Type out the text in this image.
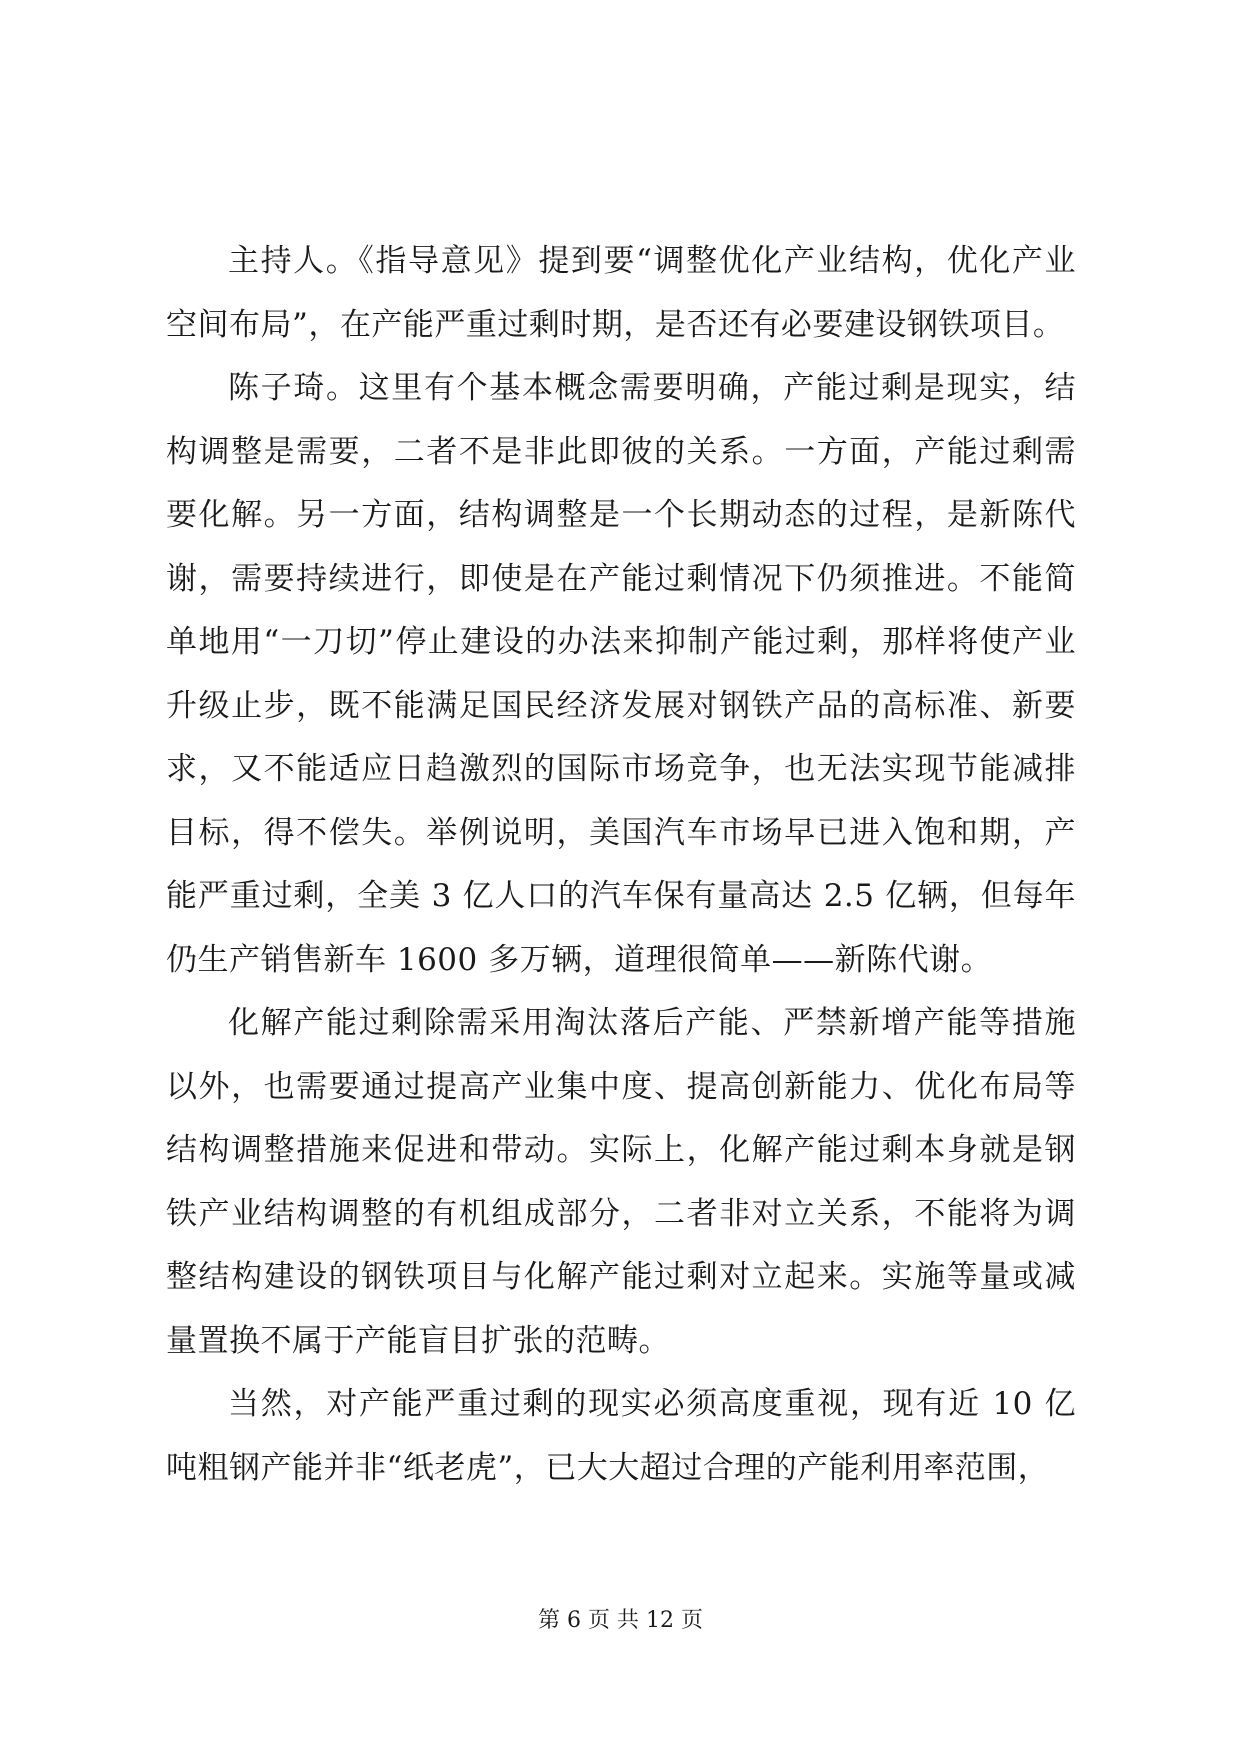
主持人。《指导意见》提到要“调整优化产业结构，优化产业空间布局”，在产能严重过剩时期，是否还有必要建设钢铁项目。

陈子琦。这里有个基本概念需要明确，产能过剩是现实，结构调整是需要，二者不是非此即彼的关系。一方面，产能过剩需要化解。另一方面，结构调整是一个长期动态的过程，是新陈代谢，需要持续进行，即使是在产能过剩情况下仍须推进。不能简单地用“一刀切”停止建设的办法来抑制产能过剩，那样将使产业升级止步，既不能满足国民经济发展对钢铁产品的高标准、新要求，又不能适应日趋激烈的国际市场竞争，也无法实现节能减排目标，得不偿失。举例说明，美国汽车市场早已进入饱和期，产能严重过剩，全美 3 亿人口的汽车保有量高达 2.5 亿辆，但每年仍生产销售新车 1600 多万辆，道理很简单——新陈代谢。

化解产能过剩除需采用淘汰落后产能、严禁新增产能等措施以外，也需要通过提高产业集中度、提高创新能力、优化布局等结构调整措施来促进和带动。实际上，化解产能过剩本身就是钢铁产业结构调整的有机组成部分，二者非对立关系，不能将为调整结构建设的钢铁项目与化解产能过剩对立起来。实施等量或减量置换不属于产能盲目扩张的范畴。

当然，对产能严重过剩的现实必须高度重视，现有近 10 亿吨粗钢产能并非“纸老虎”，已大大超过合理的产能利用率范围，

第 6 页 共 12 页
